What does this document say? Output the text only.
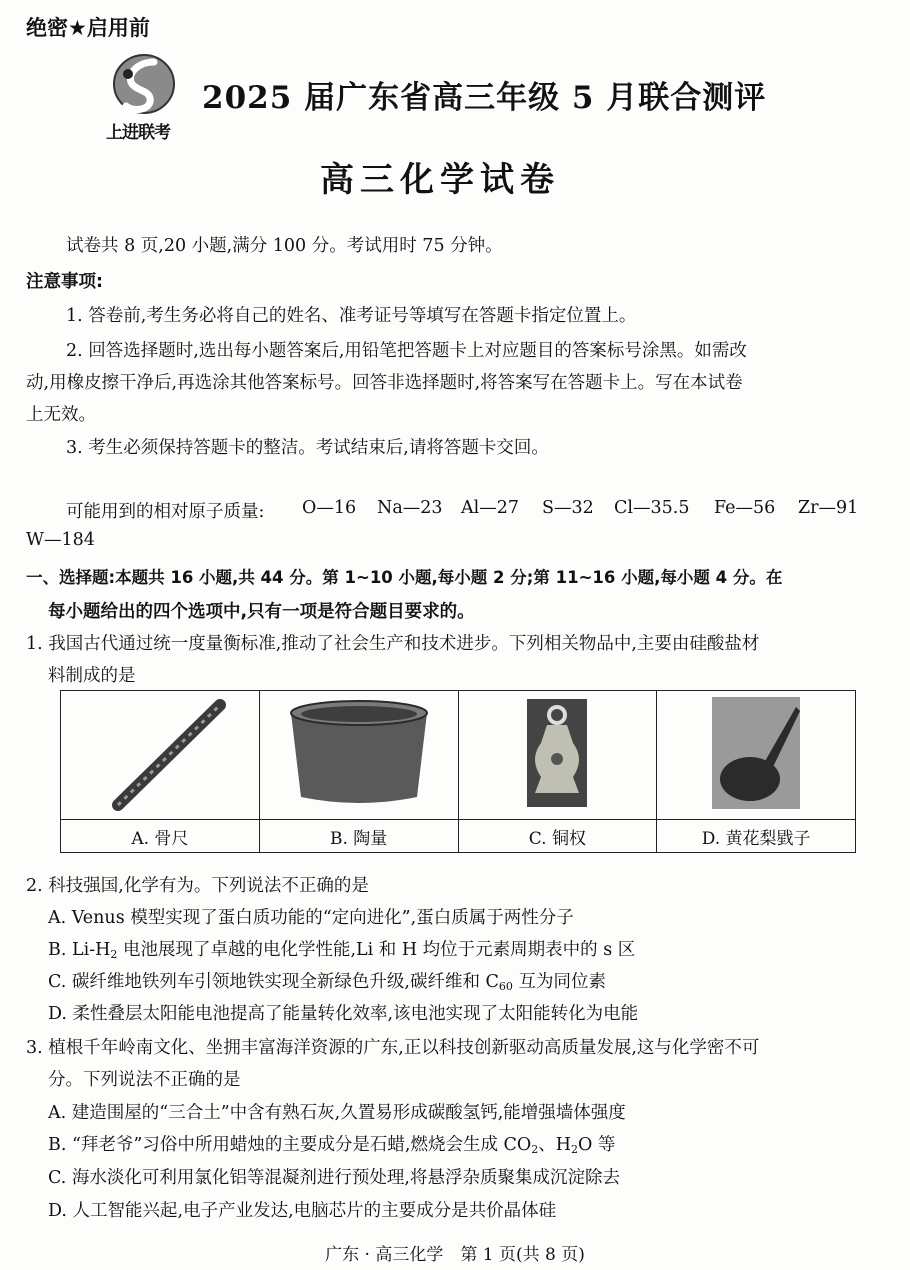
绝密★启用前
上进联考
2025 届广东省高三年级 5 月联合测评
高三化学试卷
试卷共 8 页,20 小题,满分 100 分。考试用时 75 分钟。
注意事项:
1. 答卷前,考生务必将自己的姓名、准考证号等填写在答题卡指定位置上。
2. 回答选择题时,选出每小题答案后,用铅笔把答题卡上对应题目的答案标号涂黑。如需改
动,用橡皮擦干净后,再选涂其他答案标号。回答非选择题时,将答案写在答题卡上。写在本试卷
上无效。
3. 考生必须保持答题卡的整洁。考试结束后,请将答题卡交回。
可能用到的相对原子质量: O—16 Na—23 Al—27 S—32 Cl—35.5 Fe—56 Zr—91
W—184
一、选择题:本题共 16 小题,共 44 分。第 1~10 小题,每小题 2 分;第 11~16 小题,每小题 4 分。在
每小题给出的四个选项中,只有一项是符合题目要求的。
1. 我国古代通过统一度量衡标准,推动了社会生产和技术进步。下列相关物品中,主要由硅酸盐材
料制成的是

A. 骨尺	B. 陶量	C. 铜权	D. 黄花梨戥子
2. 科技强国,化学有为。下列说法不正确的是
A. Venus 模型实现了蛋白质功能的“定向进化”,蛋白质属于两性分子
B. $Li-H_2$ 电池展现了卓越的电化学性能,Li 和 H 均位于元素周期表中的 s 区
C. 碳纤维地铁列车引领地铁实现全新绿色升级,碳纤维和 $C_{60}$ 互为同位素
D. 柔性叠层太阳能电池提高了能量转化效率,该电池实现了太阳能转化为电能
3. 植根千年岭南文化、坐拥丰富海洋资源的广东,正以科技创新驱动高质量发展,这与化学密不可
分。下列说法不正确的是
A. 建造围屋的“三合土”中含有熟石灰,久置易形成碳酸氢钙,能增强墙体强度
B. “拜老爷”习俗中所用蜡烛的主要成分是石蜡,燃烧会生成 $CO_2$、$H_2O$ 等
C. 海水淡化可利用氯化铝等混凝剂进行预处理,将悬浮杂质聚集成沉淀除去
D. 人工智能兴起,电子产业发达,电脑芯片的主要成分是共价晶体硅
广东 · 高三化学　第 1 页(共 8 页)
